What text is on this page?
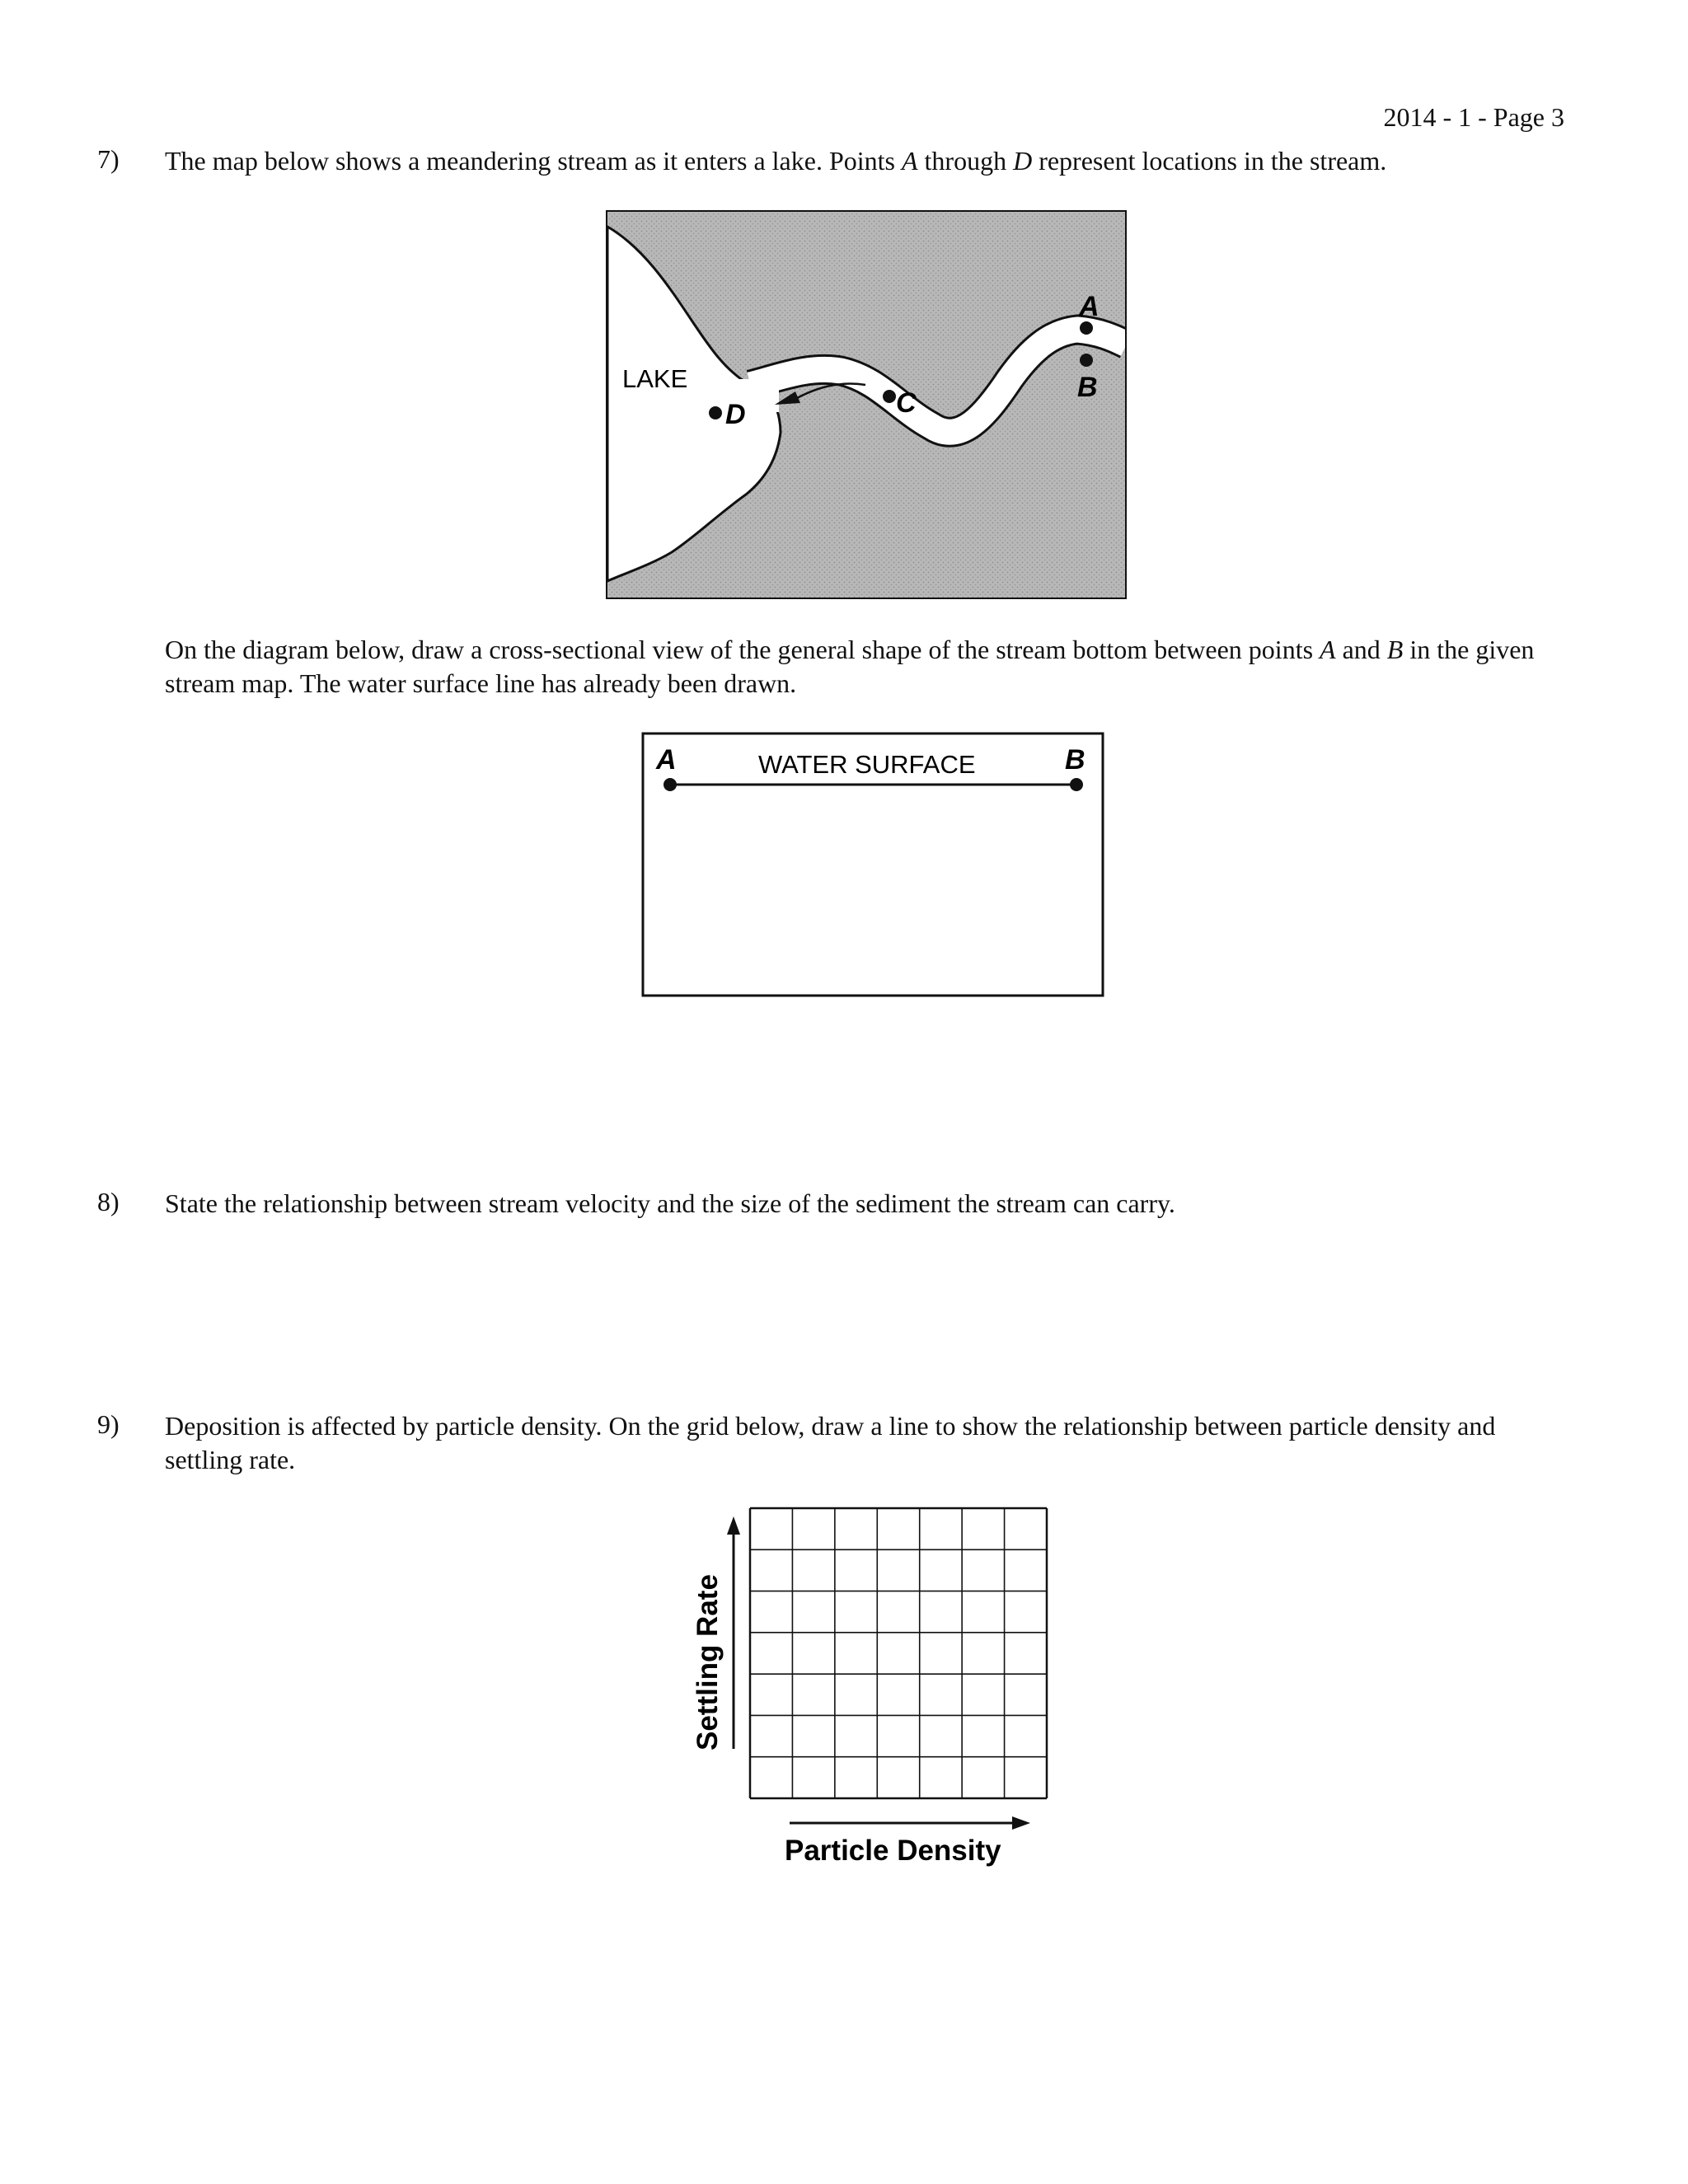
2014 - 1 - Page 3
7) The map below shows a meandering stream as it enters a lake. Points A through D represent locations in the stream.
A
B
C
D
LAKE
On the diagram below, draw a cross-sectional view of the general shape of the stream bottom between points A and B in the given stream map. The water surface line has already been drawn.
A	B
WATER SURFACE
8) State the relationship between stream velocity and the size of the sediment the stream can carry.
9) Deposition is affected by particle density. On the grid below, draw a line to show the relationship between particle density and settling rate.
Settling Rate
Particle Density
